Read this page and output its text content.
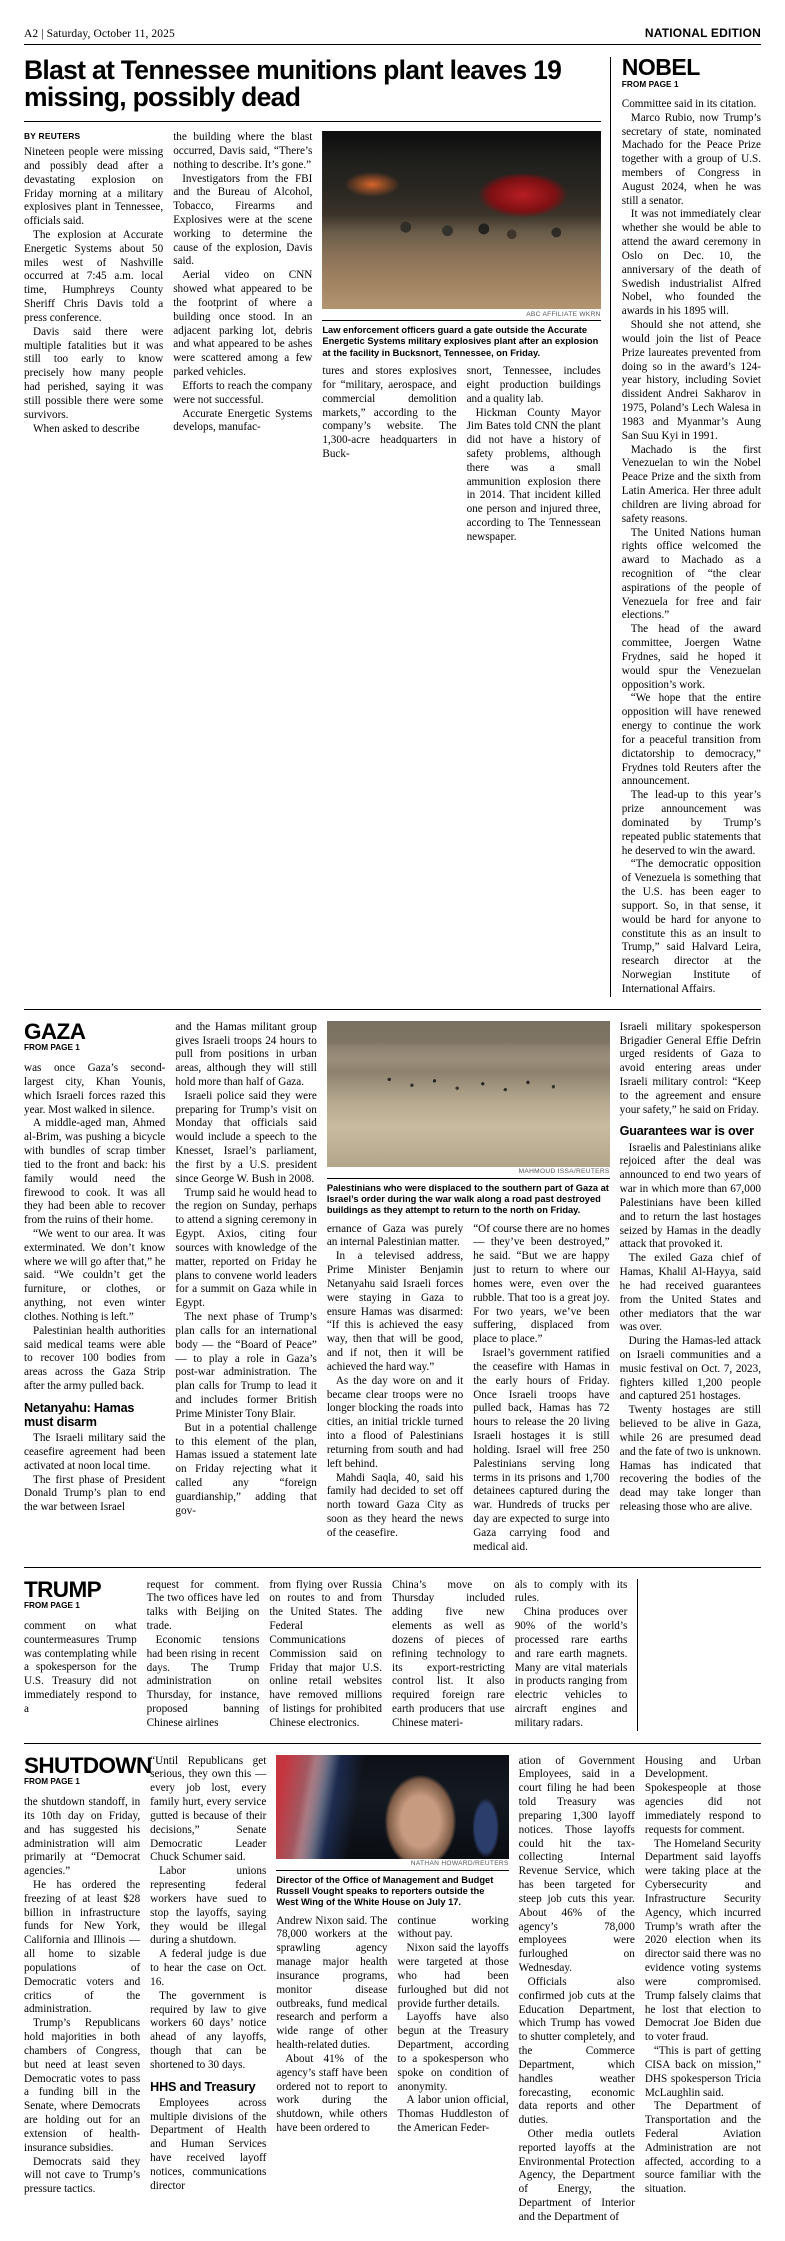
A2 | Saturday, October 11, 2025	NATIONAL EDITION
Blast at Tennessee munitions plant leaves 19 missing, possibly dead
BY REUTERS

Nineteen people were missing and possibly dead after a devastating explosion on Friday morning at a military explosives plant in Tennessee, officials said.

The explosion at Accurate Energetic Systems about 50 miles west of Nashville occurred at 7:45 a.m. local time, Humphreys County Sheriff Chris Davis told a press conference.

Davis said there were multiple fatalities but it was still too early to know precisely how many people had perished, saying it was still possible there were some survivors.

When asked to describe

the building where the blast occurred, Davis said, “There’s nothing to describe. It’s gone.”

Investigators from the FBI and the Bureau of Alcohol, Tobacco, Firearms and Explosives were at the scene working to determine the cause of the explosion, Davis said.

Aerial video on CNN showed what appeared to be the footprint of where a building once stood. In an adjacent parking lot, debris and what appeared to be ashes were scattered among a few parked vehicles.

Efforts to reach the company were not successful.

Accurate Energetic Systems develops, manufac-

ABC AFFILIATE WKRN
Law enforcement officers guard a gate outside the Accurate Energetic Systems military explosives plant after an explosion at the facility in Bucksnort, Tennessee, on Friday.

tures and stores explosives for “military, aerospace, and commercial demolition markets,” according to the company’s website. The 1,300-acre headquarters in Buck-

snort, Tennessee, includes eight production buildings and a quality lab.

Hickman County Mayor Jim Bates told CNN the plant did not have a history of safety problems, although there was a small ammunition explosion there in 2014. That incident killed one person and injured three, according to The Tennessean newspaper.

NOBEL
FROM PAGE 1

Committee said in its citation.

Marco Rubio, now Trump’s secretary of state, nominated Machado for the Peace Prize together with a group of U.S. members of Congress in August 2024, when he was still a senator.

It was not immediately clear whether she would be able to attend the award ceremony in Oslo on Dec. 10, the anniversary of the death of Swedish industrialist Alfred Nobel, who founded the awards in his 1895 will.

Should she not attend, she would join the list of Peace Prize laureates prevented from doing so in the award’s 124-year history, including Soviet dissident Andrei Sakharov in 1975, Poland’s Lech Walesa in 1983 and Myanmar’s Aung San Suu Kyi in 1991.

Machado is the first Venezuelan to win the Nobel Peace Prize and the sixth from Latin America. Her three adult children are living abroad for safety reasons.

The United Nations human rights office welcomed the award to Machado as a recognition of “the clear aspirations of the people of Venezuela for free and fair elections.”

The head of the award committee, Joergen Watne Frydnes, said he hoped it would spur the Venezuelan opposition’s work.

“We hope that the entire opposition will have renewed energy to continue the work for a peaceful transition from dictatorship to democracy,” Frydnes told Reuters after the announcement.

The lead-up to this year’s prize announcement was dominated by Trump’s repeated public statements that he deserved to win the award.

“The democratic opposition of Venezuela is something that the U.S. has been eager to support. So, in that sense, it would be hard for anyone to constitute this as an insult to Trump,” said Halvard Leira, research director at the Norwegian Institute of International Affairs.

GAZA
FROM PAGE 1

was once Gaza’s second-largest city, Khan Younis, which Israeli forces razed this year. Most walked in silence.

A middle-aged man, Ahmed al-Brim, was pushing a bicycle with bundles of scrap timber tied to the front and back: his family would need the firewood to cook. It was all they had been able to recover from the ruins of their home.

“We went to our area. It was exterminated. We don’t know where we will go after that,” he said. “We couldn’t get the furniture, or clothes, or anything, not even winter clothes. Nothing is left.”

Palestinian health authorities said medical teams were able to recover 100 bodies from areas across the Gaza Strip after the army pulled back.

Netanyahu: Hamas must disarm

The Israeli military said the ceasefire agreement had been activated at noon local time.

The first phase of President Donald Trump’s plan to end the war between Israel

and the Hamas militant group gives Israeli troops 24 hours to pull from positions in urban areas, although they will still hold more than half of Gaza.

Israeli police said they were preparing for Trump’s visit on Monday that officials said would include a speech to the Knesset, Israel’s parliament, the first by a U.S. president since George W. Bush in 2008.

Trump said he would head to the region on Sunday, perhaps to attend a signing ceremony in Egypt. Axios, citing four sources with knowledge of the matter, reported on Friday he plans to convene world leaders for a summit on Gaza while in Egypt.

The next phase of Trump’s plan calls for an international body — the “Board of Peace” — to play a role in Gaza’s post-war administration. The plan calls for Trump to lead it and includes former British Prime Minister Tony Blair.

But in a potential challenge to this element of the plan, Hamas issued a statement late on Friday rejecting what it called any “foreign guardianship,” adding that gov-

MAHMOUD ISSA/REUTERS
Palestinians who were displaced to the southern part of Gaza at Israel’s order during the war walk along a road past destroyed buildings as they attempt to return to the north on Friday.

ernance of Gaza was purely an internal Palestinian matter.

In a televised address, Prime Minister Benjamin Netanyahu said Israeli forces were staying in Gaza to ensure Hamas was disarmed: “If this is achieved the easy way, then that will be good, and if not, then it will be achieved the hard way.”

As the day wore on and it became clear troops were no longer blocking the roads into cities, an initial trickle turned into a flood of Palestinians returning from south and had left behind.

Mahdi Saqla, 40, said his family had decided to set off north toward Gaza City as soon as they heard the news of the ceasefire.

“Of course there are no homes — they’ve been destroyed,” he said. “But we are happy just to return to where our homes were, even over the rubble. That too is a great joy. For two years, we’ve been suffering, displaced from place to place.”

Israel’s government ratified the ceasefire with Hamas in the early hours of Friday. Once Israeli troops have pulled back, Hamas has 72 hours to release the 20 living Israeli hostages it is still holding. Israel will free 250 Palestinians serving long terms in its prisons and 1,700 detainees captured during the war. Hundreds of trucks per day are expected to surge into Gaza carrying food and medical aid.

Israeli military spokesperson Brigadier General Effie Defrin urged residents of Gaza to avoid entering areas under Israeli military control: “Keep to the agreement and ensure your safety,” he said on Friday.

Guarantees war is over

Israelis and Palestinians alike rejoiced after the deal was announced to end two years of war in which more than 67,000 Palestinians have been killed and to return the last hostages seized by Hamas in the deadly attack that provoked it.

The exiled Gaza chief of Hamas, Khalil Al-Hayya, said he had received guarantees from the United States and other mediators that the war was over.

During the Hamas-led attack on Israeli communities and a music festival on Oct. 7, 2023, fighters killed 1,200 people and captured 251 hostages.

Twenty hostages are still believed to be alive in Gaza, while 26 are presumed dead and the fate of two is unknown. Hamas has indicated that recovering the bodies of the dead may take longer than releasing those who are alive.

TRUMP
FROM PAGE 1

comment on what countermeasures Trump was contemplating while a spokesperson for the U.S. Treasury did not immediately respond to a

request for comment. The two offices have led talks with Beijing on trade.

Economic tensions had been rising in recent days. The Trump administration on Thursday, for instance, proposed banning Chinese airlines

from flying over Russia on routes to and from the United States. The Federal Communications Commission said on Friday that major U.S. online retail websites have removed millions of listings for prohibited Chinese electronics.

China’s move on Thursday included adding five new elements as well as dozens of pieces of refining technology to its export-restricting control list. It also required foreign rare earth producers that use Chinese materi-

als to comply with its rules.

China produces over 90% of the world’s processed rare earths and rare earth magnets. Many are vital materials in products ranging from electric vehicles to aircraft engines and military radars.

SHUTDOWN
FROM PAGE 1

the shutdown standoff, in its 10th day on Friday, and has suggested his administration will aim primarily at “Democrat agencies.”

He has ordered the freezing of at least $28 billion in infrastructure funds for New York, California and Illinois — all home to sizable populations of Democratic voters and critics of the administration.

Trump’s Republicans hold majorities in both chambers of Congress, but need at least seven Democratic votes to pass a funding bill in the Senate, where Democrats are holding out for an extension of health-insurance subsidies.

Democrats said they will not cave to Trump’s pressure tactics.

“Until Republicans get serious, they own this —every job lost, every family hurt, every service gutted is because of their decisions,” Senate Democratic Leader Chuck Schumer said.

Labor unions representing federal workers have sued to stop the layoffs, saying they would be illegal during a shutdown.

A federal judge is due to hear the case on Oct. 16.

The government is required by law to give workers 60 days’ notice ahead of any layoffs, though that can be shortened to 30 days.

HHS and Treasury

Employees across multiple divisions of the Department of Health and Human Services have received layoff notices, communications director

NATHAN HOWARD/REUTERS
Director of the Office of Management and Budget Russell Vought speaks to reporters outside the West Wing of the White House on July 17.

Andrew Nixon said. The 78,000 workers at the sprawling agency manage major health insurance programs, monitor disease outbreaks, fund medical research and perform a wide range of other health-related duties.

About 41% of the agency’s staff have been ordered not to report to work during the shutdown, while others have been ordered to

continue working without pay.

Nixon said the layoffs were targeted at those who had been furloughed but did not provide further details.

Layoffs have also begun at the Treasury Department, according to a spokesperson who spoke on condition of anonymity.

A labor union official, Thomas Huddleston of the American Feder-

ation of Government Employees, said in a court filing he had been told Treasury was preparing 1,300 layoff notices. Those layoffs could hit the tax-collecting Internal Revenue Service, which has been targeted for steep job cuts this year. About 46% of the agency’s 78,000 employees were furloughed on Wednesday.

Officials also confirmed job cuts at the Education Department, which Trump has vowed to shutter completely, and the Commerce Department, which handles weather forecasting, economic data reports and other duties.

Other media outlets reported layoffs at the Environmental Protection Agency, the Department of Energy, the Department of Interior and the Department of

Housing and Urban Development. Spokespeople at those agencies did not immediately respond to requests for comment.

The Homeland Security Department said layoffs were taking place at the Cybersecurity and Infrastructure Security Agency, which incurred Trump’s wrath after the 2020 election when its director said there was no evidence voting systems were compromised. Trump falsely claims that he lost that election to Democrat Joe Biden due to voter fraud.

“This is part of getting CISA back on mission,” DHS spokesperson Tricia McLaughlin said.

The Department of Transportation and the Federal Aviation Administration are not affected, according to a source familiar with the situation.
